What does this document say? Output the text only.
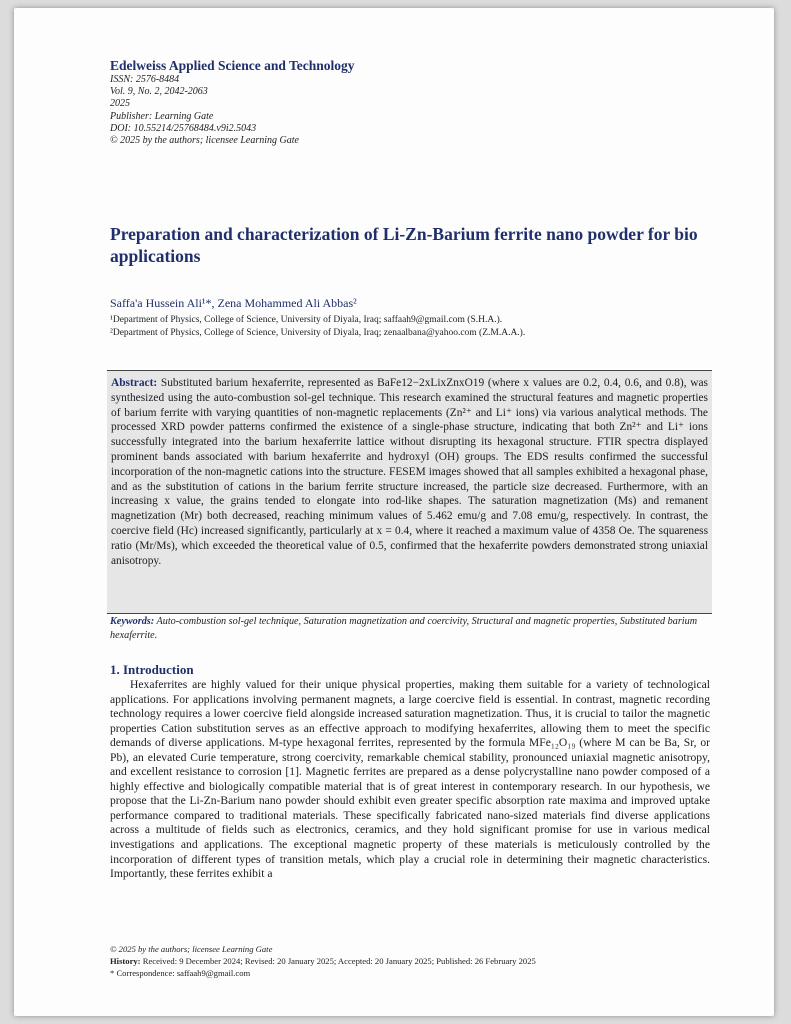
Edelweiss Applied Science and Technology
ISSN: 2576-8484
Vol. 9, No. 2, 2042-2063
2025
Publisher: Learning Gate
DOI: 10.55214/25768484.v9i2.5043
© 2025 by the authors; licensee Learning Gate
Preparation and characterization of Li-Zn-Barium ferrite nano powder for bio applications
Saffa'a Hussein Ali¹*, Zena Mohammed Ali Abbas²
¹Department of Physics, College of Science, University of Diyala, Iraq; saffaah9@gmail.com (S.H.A.).
²Department of Physics, College of Science, University of Diyala, Iraq; zenaalbana@yahoo.com (Z.M.A.A.).
Abstract: Substituted barium hexaferrite, represented as BaFe12−2xLixZnxO19 (where x values are 0.2, 0.4, 0.6, and 0.8), was synthesized using the auto-combustion sol-gel technique. This research examined the structural features and magnetic properties of barium ferrite with varying quantities of non-magnetic replacements (Zn²⁺ and Li⁺ ions) via various analytical methods. The processed XRD powder patterns confirmed the existence of a single-phase structure, indicating that both Zn²⁺ and Li⁺ ions successfully integrated into the barium hexaferrite lattice without disrupting its hexagonal structure. FTIR spectra displayed prominent bands associated with barium hexaferrite and hydroxyl (OH) groups. The EDS results confirmed the successful incorporation of the non-magnetic cations into the structure. FESEM images showed that all samples exhibited a hexagonal phase, and as the substitution of cations in the barium ferrite structure increased, the particle size decreased. Furthermore, with an increasing x value, the grains tended to elongate into rod-like shapes. The saturation magnetization (Ms) and remanent magnetization (Mr) both decreased, reaching minimum values of 5.462 emu/g and 7.08 emu/g, respectively. In contrast, the coercive field (Hc) increased significantly, particularly at x = 0.4, where it reached a maximum value of 4358 Oe. The squareness ratio (Mr/Ms), which exceeded the theoretical value of 0.5, confirmed that the hexaferrite powders demonstrated strong uniaxial anisotropy.
Keywords: Auto-combustion sol-gel technique, Saturation magnetization and coercivity, Structural and magnetic properties, Substituted barium hexaferrite.
1. Introduction

Hexaferrites are highly valued for their unique physical properties, making them suitable for a variety of technological applications. For applications involving permanent magnets, a large coercive field is essential. In contrast, magnetic recording technology requires a lower coercive field alongside increased saturation magnetization. Thus, it is crucial to tailor the magnetic properties Cation substitution serves as an effective approach to modifying hexaferrites, allowing them to meet the specific demands of diverse applications. M-type hexagonal ferrites, represented by the formula MFe₁₂O₁₉ (where M can be Ba, Sr, or Pb), an elevated Curie temperature, strong coercivity, remarkable chemical stability, pronounced uniaxial magnetic anisotropy, and excellent resistance to corrosion [1]. Magnetic ferrites are prepared as a dense polycrystalline nano powder composed of a highly effective and biologically compatible material that is of great interest in contemporary research. In our hypothesis, we propose that the Li-Zn-Barium nano powder should exhibit even greater specific absorption rate maxima and improved uptake performance compared to traditional materials. These specifically fabricated nano-sized materials find diverse applications across a multitude of fields such as electronics, ceramics, and they hold significant promise for use in various medical investigations and applications. The exceptional magnetic property of these materials is meticulously controlled by the incorporation of different types of transition metals, which play a crucial role in determining their magnetic characteristics. Importantly, these ferrites exhibit a

© 2025 by the authors; licensee Learning Gate
History: Received: 9 December 2024; Revised: 20 January 2025; Accepted: 20 January 2025; Published: 26 February 2025
* Correspondence: saffaah9@gmail.com
